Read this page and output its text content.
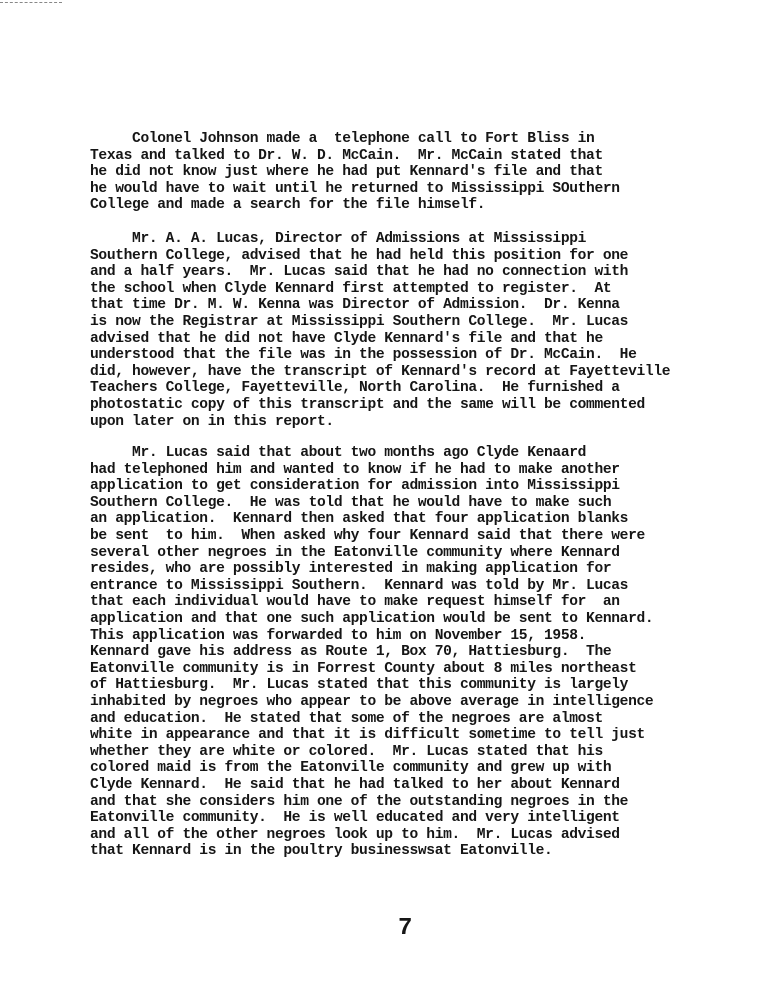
Colonel Johnson made a  telephone call to Fort Bliss in
Texas and talked to Dr. W. D. McCain.  Mr. McCain stated that
he did not know just where he had put Kennard's file and that
he would have to wait until he returned to Mississippi SOuthern
College and made a search for the file himself.
Mr. A. A. Lucas, Director of Admissions at Mississippi
Southern College, advised that he had held this position for one
and a half years.  Mr. Lucas said that he had no connection with
the school when Clyde Kennard first attempted to register.  At
that time Dr. M. W. Kenna was Director of Admission.  Dr. Kenna
is now the Registrar at Mississippi Southern College.  Mr. Lucas
advised that he did not have Clyde Kennard's file and that he
understood that the file was in the possession of Dr. McCain.  He
did, however, have the transcript of Kennard's record at Fayetteville
Teachers College, Fayetteville, North Carolina.  He furnished a
photostatic copy of this transcript and the same will be commented
upon later on in this report.
Mr. Lucas said that about two months ago Clyde Kenaard
had telephoned him and wanted to know if he had to make another
application to get consideration for admission into Mississippi
Southern College.  He was told that he would have to make such
an application.  Kennard then asked that four application blanks
be sent  to him.  When asked why four Kennard said that there were
several other negroes in the Eatonville community where Kennard
resides, who are possibly interested in making application for
entrance to Mississippi Southern.  Kennard was told by Mr. Lucas
that each individual would have to make request himself for  an
application and that one such application would be sent to Kennard.
This application was forwarded to him on November 15, 1958.
Kennard gave his address as Route 1, Box 70, Hattiesburg.  The
Eatonville community is in Forrest County about 8 miles northeast
of Hattiesburg.  Mr. Lucas stated that this community is largely
inhabited by negroes who appear to be above average in intelligence
and education.  He stated that some of the negroes are almost
white in appearance and that it is difficult sometime to tell just
whether they are white or colored.  Mr. Lucas stated that his
colored maid is from the Eatonville community and grew up with
Clyde Kennard.  He said that he had talked to her about Kennard
and that she considers him one of the outstanding negroes in the
Eatonville community.  He is well educated and very intelligent
and all of the other negroes look up to him.  Mr. Lucas advised
that Kennard is in the poultry businesswsat Eatonville.
7
